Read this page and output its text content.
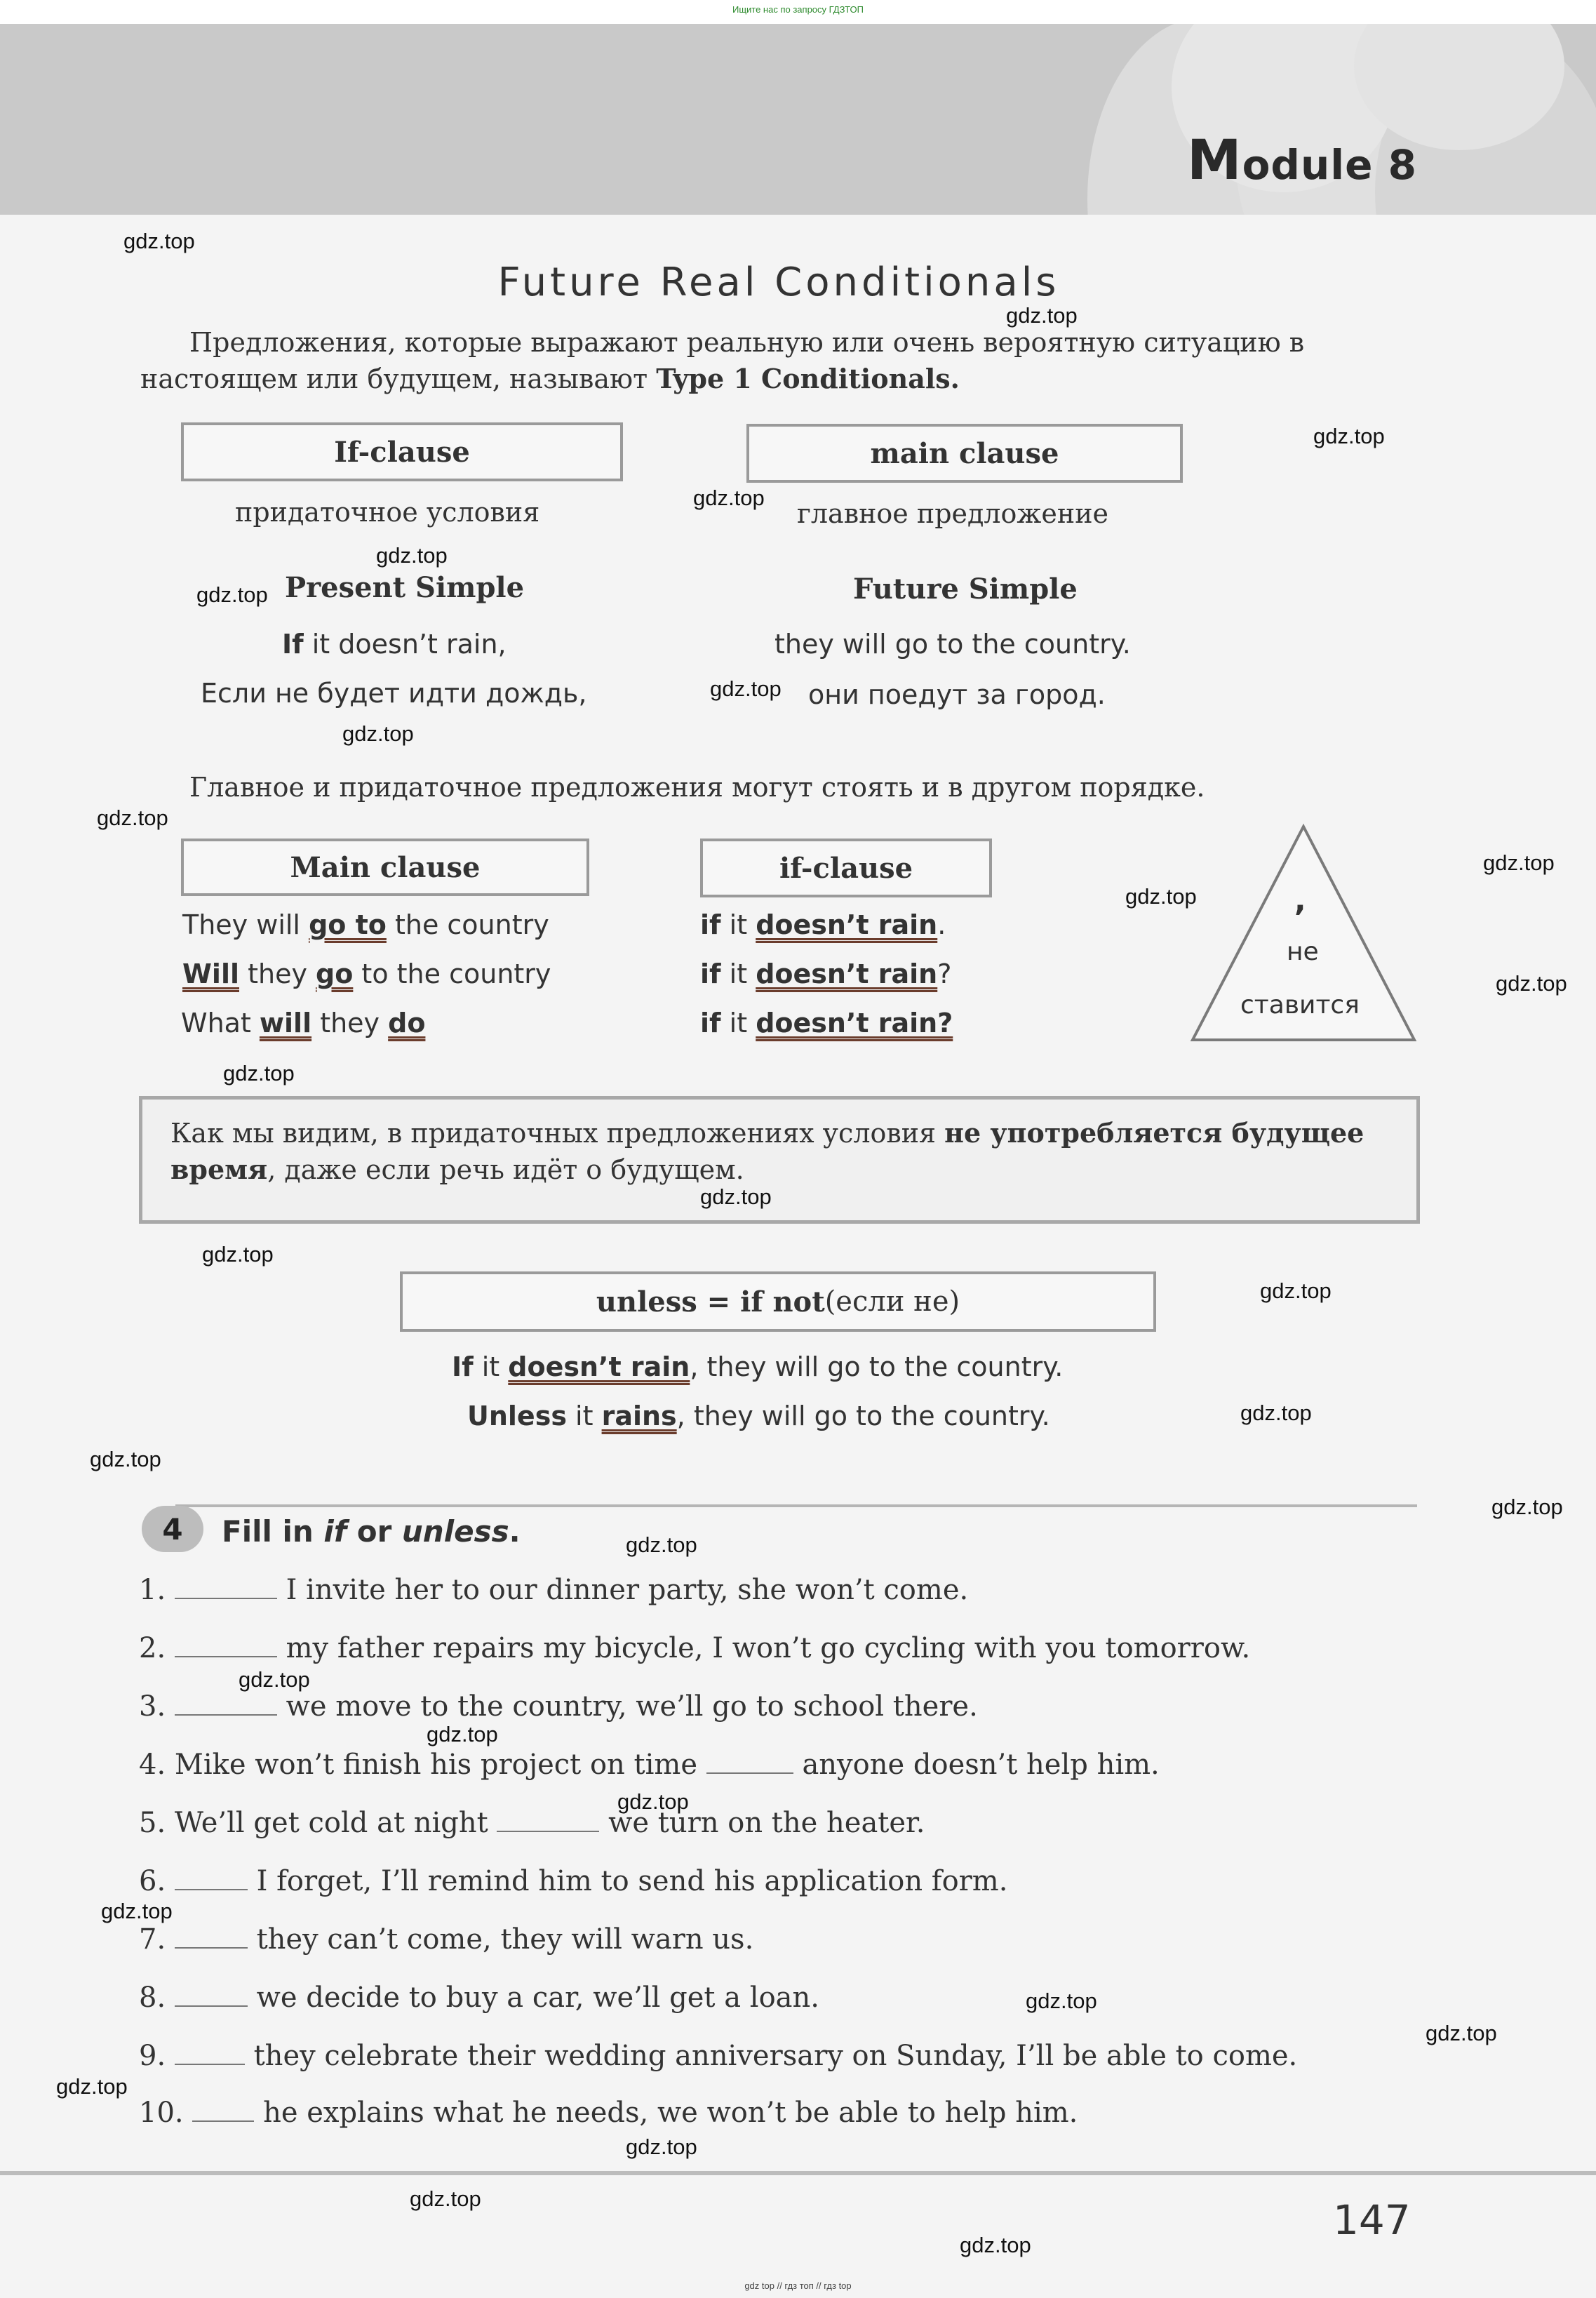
Ищите нас по запросу ГДЗТОП
Module 8
Future Real Conditionals
Предложения, которые выражают реальную или очень вероятную ситуацию в настоящем или будущем, называют Type 1 Conditionals.
If-clause	main clause
придаточное условия	главное предложение
Present Simple	Future Simple
If it doesn’t rain,	they will go to the country.
Если не будет идти дождь,	они поедут за город.
Главное и придаточное предложения могут стоять и в другом порядке.
Main clause	if-clause
They will go to the country	if it doesn’t rain.
Will they go to the country	if it doesn’t rain?
What will they do	if it doesn’t rain?
,
не
ставится
Как мы видим, в придаточных предложениях условия не употребляется будущее время, даже если речь идёт о будущем.
unless = if not (если не)
If it doesn’t rain, they will go to the country.
Unless it rains, they will go to the country.
4	Fill in if or unless.
1.	I invite her to our dinner party, she won’t come.
2.	my father repairs my bicycle, I won’t go cycling with you tomorrow.
3.	we move to the country, we’ll go to school there.
4. Mike won’t finish his project on time	anyone doesn’t help him.
5. We’ll get cold at night	we turn on the heater.
6.	I forget, I’ll remind him to send his application form.
7.	they can’t come, they will warn us.
8.	we decide to buy a car, we’ll get a loan.
9.	they celebrate their wedding anniversary on Sunday, I’ll be able to come.
10.	he explains what he needs, we won’t be able to help him.
147
gdz.top
gdz.top
gdz.top
gdz.top
gdz.top
gdz.top
gdz.top
gdz.top
gdz.top
gdz.top
gdz.top
gdz.top
gdz.top
gdz.top
gdz.top
gdz.top
gdz.top
gdz.top
gdz.top
gdz.top
gdz.top
gdz.top
gdz.top
gdz.top
gdz.top
gdz.top
gdz.top
gdz.top
gdz.top
gdz.top
gdz top // гдз топ // гдз top
